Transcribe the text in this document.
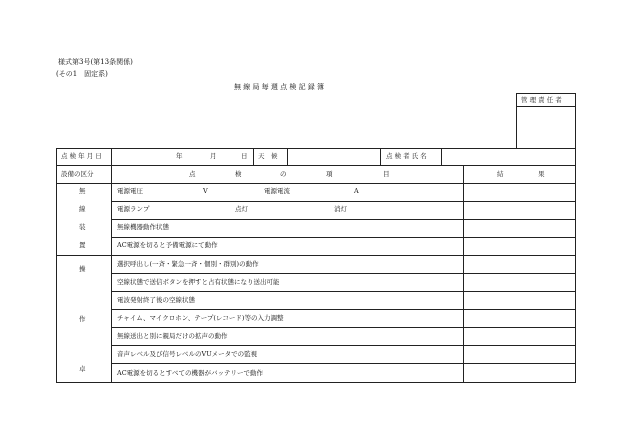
様式第3号(第13条関係)
(その1　固定系)
無 線 局 毎 週 点 検 記 録 簿
管 理 責 任 者
点 検 年 月 日	年	月	日 天　候	点 検 者 氏 名
設備の区分	点	検	の	項	目	結	果
無
線
装
置
電源電圧	V	電源電流	A
電源ランプ	点灯	消灯
無線機器動作状態
AC電源を切ると予備電源にて動作
操
作
卓
選択呼出し(一斉・緊急一斉・個別・群別)の動作
空線状態で送信ボタンを押すと占有状態になり送出可能
電波発射終了後の空線状態
チャイム、マイクロホン、テープ(レコード)等の入力調整
無線送出と別に親局だけの拡声の動作
音声レベル及び信号レベルのVUメータでの監視
AC電源を切るとすべての機器がバッテリーで動作
